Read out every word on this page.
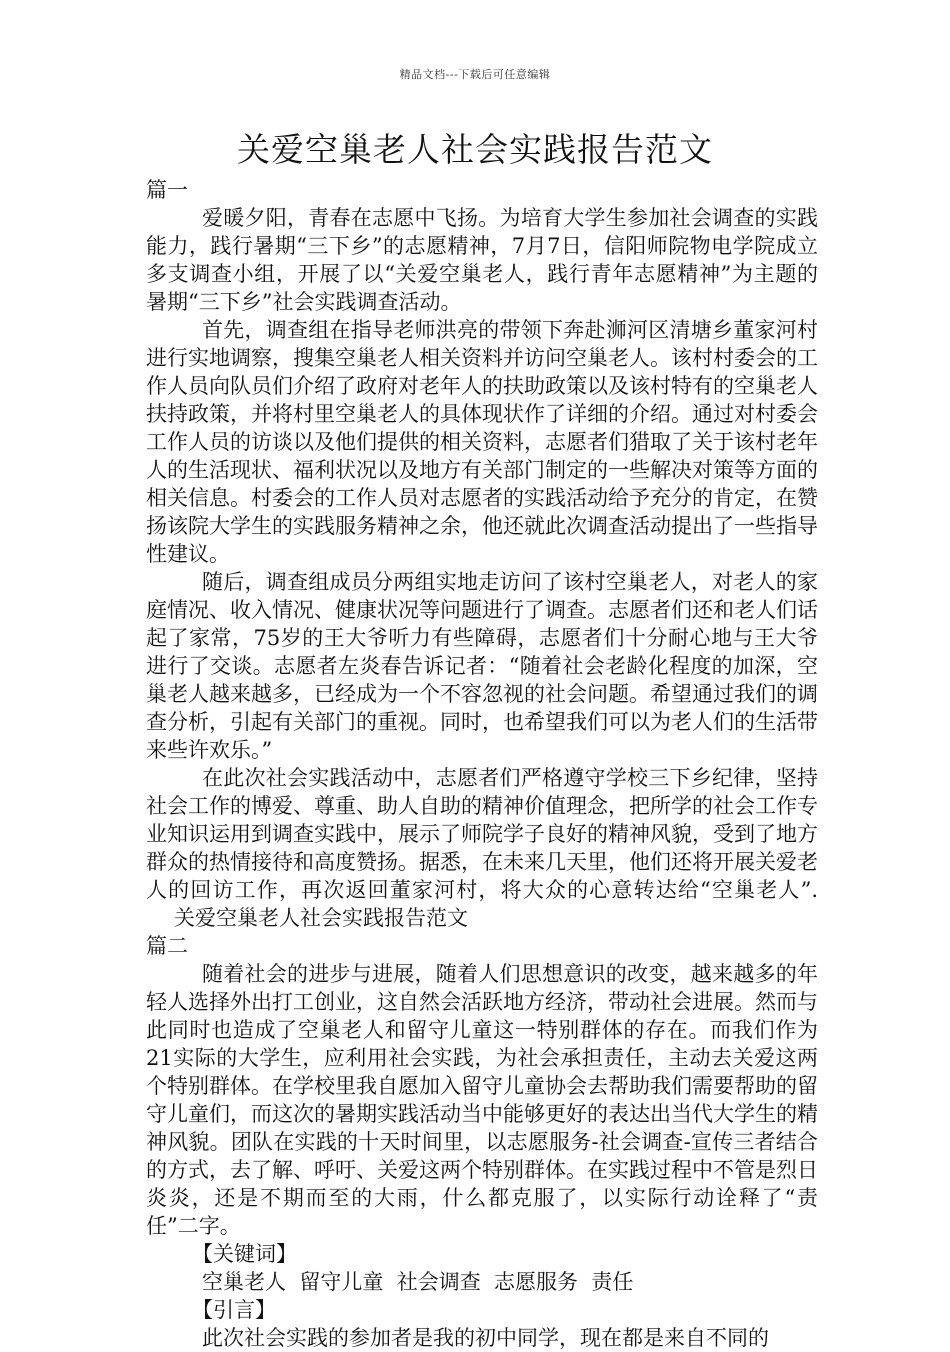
精品文档---下载后可任意编辑
关爱空巢老人社会实践报告范文

篇一

爱暖夕阳，青春在志愿中飞扬。为培育大学生参加社会调查的实践能力，践行暑期“三下乡”的志愿精神，7月7日，信阳师院物电学院成立多支调查小组，开展了以“关爱空巢老人，践行青年志愿精神”为主题的暑期“三下乡”社会实践调查活动。

首先，调查组在指导老师洪亮的带领下奔赴浉河区清塘乡董家河村进行实地调察，搜集空巢老人相关资料并访问空巢老人。该村村委会的工作人员向队员们介绍了政府对老年人的扶助政策以及该村特有的空巢老人扶持政策，并将村里空巢老人的具体现状作了详细的介绍。通过对村委会工作人员的访谈以及他们提供的相关资料，志愿者们猎取了关于该村老年人的生活现状、福利状况以及地方有关部门制定的一些解决对策等方面的相关信息。村委会的工作人员对志愿者的实践活动给予充分的肯定，在赞扬该院大学生的实践服务精神之余，他还就此次调查活动提出了一些指导性建议。

随后，调查组成员分两组实地走访问了该村空巢老人，对老人的家庭情况、收入情况、健康状况等问题进行了调查。志愿者们还和老人们话起了家常，75岁的王大爷听力有些障碍，志愿者们十分耐心地与王大爷进行了交谈。志愿者左炎春告诉记者：“随着社会老龄化程度的加深，空巢老人越来越多，已经成为一个不容忽视的社会问题。希望通过我们的调查分析，引起有关部门的重视。同时，也希望我们可以为老人们的生活带来些许欢乐。”

在此次社会实践活动中，志愿者们严格遵守学校三下乡纪律，坚持社会工作的博爱、尊重、助人自助的精神价值理念，把所学的社会工作专业知识运用到调查实践中，展示了师院学子良好的精神风貌，受到了地方群众的热情接待和高度赞扬。据悉，在未来几天里，他们还将开展关爱老人的回访工作，再次返回董家河村，将大众的心意转达给“空巢老人”.关爱空巢老人社会实践报告范文

篇二

随着社会的进步与进展，随着人们思想意识的改变，越来越多的年轻人选择外出打工创业，这自然会活跃地方经济，带动社会进展。然而与此同时也造成了空巢老人和留守儿童这一特别群体的存在。而我们作为21实际的大学生，应利用社会实践，为社会承担责任，主动去关爱这两个特别群体。在学校里我自愿加入留守儿童协会去帮助我们需要帮助的留守儿童们，而这次的暑期实践活动当中能够更好的表达出当代大学生的精神风貌。团队在实践的十天时间里，以志愿服务-社会调查-宣传三者结合的方式，去了解、呼吁、关爱这两个特别群体。在实践过程中不管是烈日炎炎，还是不期而至的大雨，什么都克服了，以实际行动诠释了“责任”二字。

【关键词】

空巢老人  留守儿童  社会调查  志愿服务  责任

【引言】

此次社会实践的参加者是我的初中同学，现在都是来自不同的
